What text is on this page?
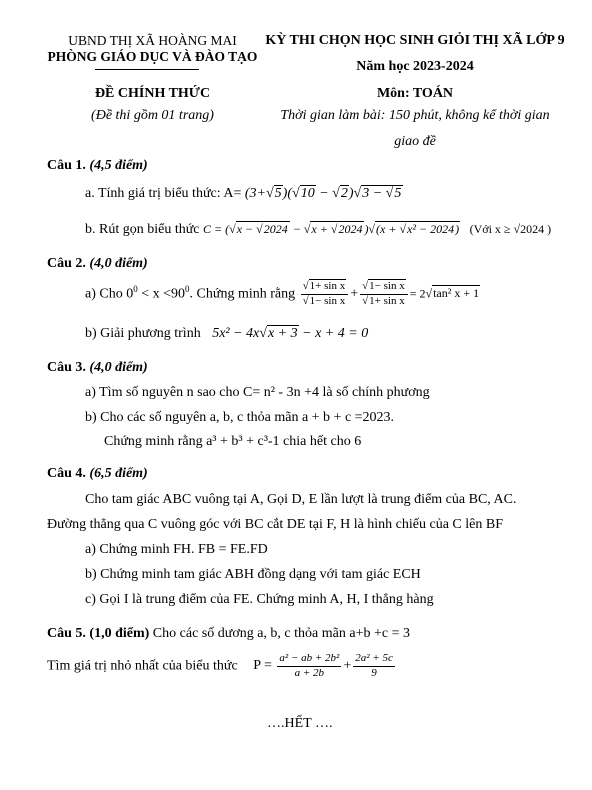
UBND THỊ XÃ HOÀNG MAI
PHÒNG GIÁO DỤC VÀ ĐÀO TẠO
ĐỀ CHÍNH THỨC
(Đề thi gồm 01 trang)
KỲ THI CHỌN HỌC SINH GIỎI THỊ XÃ LỚP 9
Năm học 2023-2024
Môn: TOÁN
Thời gian làm bài: 150 phút, không kể thời gian
giao đề
Câu 1. (4,5 điểm)
a. Tính giá trị biểu thức: A= (3+√5)(√10 − √2)√3 − √5
b. Rút gọn biểu thức C = (√x − √2024 − √x + √2024 )√(x + √x² − 2024) (Với x ≥ √2024 )
Câu 2. (4,0 điểm)
a) Cho $0^0 < x <90^0$. Chứng minh rằng $\frac{\text{√1+ sin x}}{\text{√1− sin x}} + \frac{\text{√1− sin x}}{\text{√1+ sin x}} = 2√\tan^2$ x + 1
b) Giải phương trình 5x² − 4x√x + 3 − x + 4 = 0
Câu 3. (4,0 điểm)
a) Tìm số nguyên n sao cho C= n² - 3n +4 là số chính phương
b) Cho các số nguyên a, b, c thỏa mãn a + b + c =2023.
Chứng minh rằng a³ + b³ + c³-1 chia hết cho 6
Câu 4. (6,5 điểm)
Cho tam giác ABC vuông tại A, Gọi D, E lần lượt là trung điểm của BC, AC.
Đường thẳng qua C vuông góc với BC cắt DE tại F, H là hình chiếu của C lên BF
a) Chứng minh FH. FB = FE.FD
b) Chứng minh tam giác ABH đồng dạng với tam giác ECH
c) Gọi I là trung điểm của FE. Chứng minh A, H, I thẳng hàng
Câu 5. (1,0 điểm) Cho các số dương a, b, c thỏa mãn a+b +c = 3
Tìm giá trị nhỏ nhất của biểu thức $P = \frac{\text{a² − ab + 2b²}}{a + 2b} + \frac{\text{2a² + 5c}}{9}$
….HẾT ….
